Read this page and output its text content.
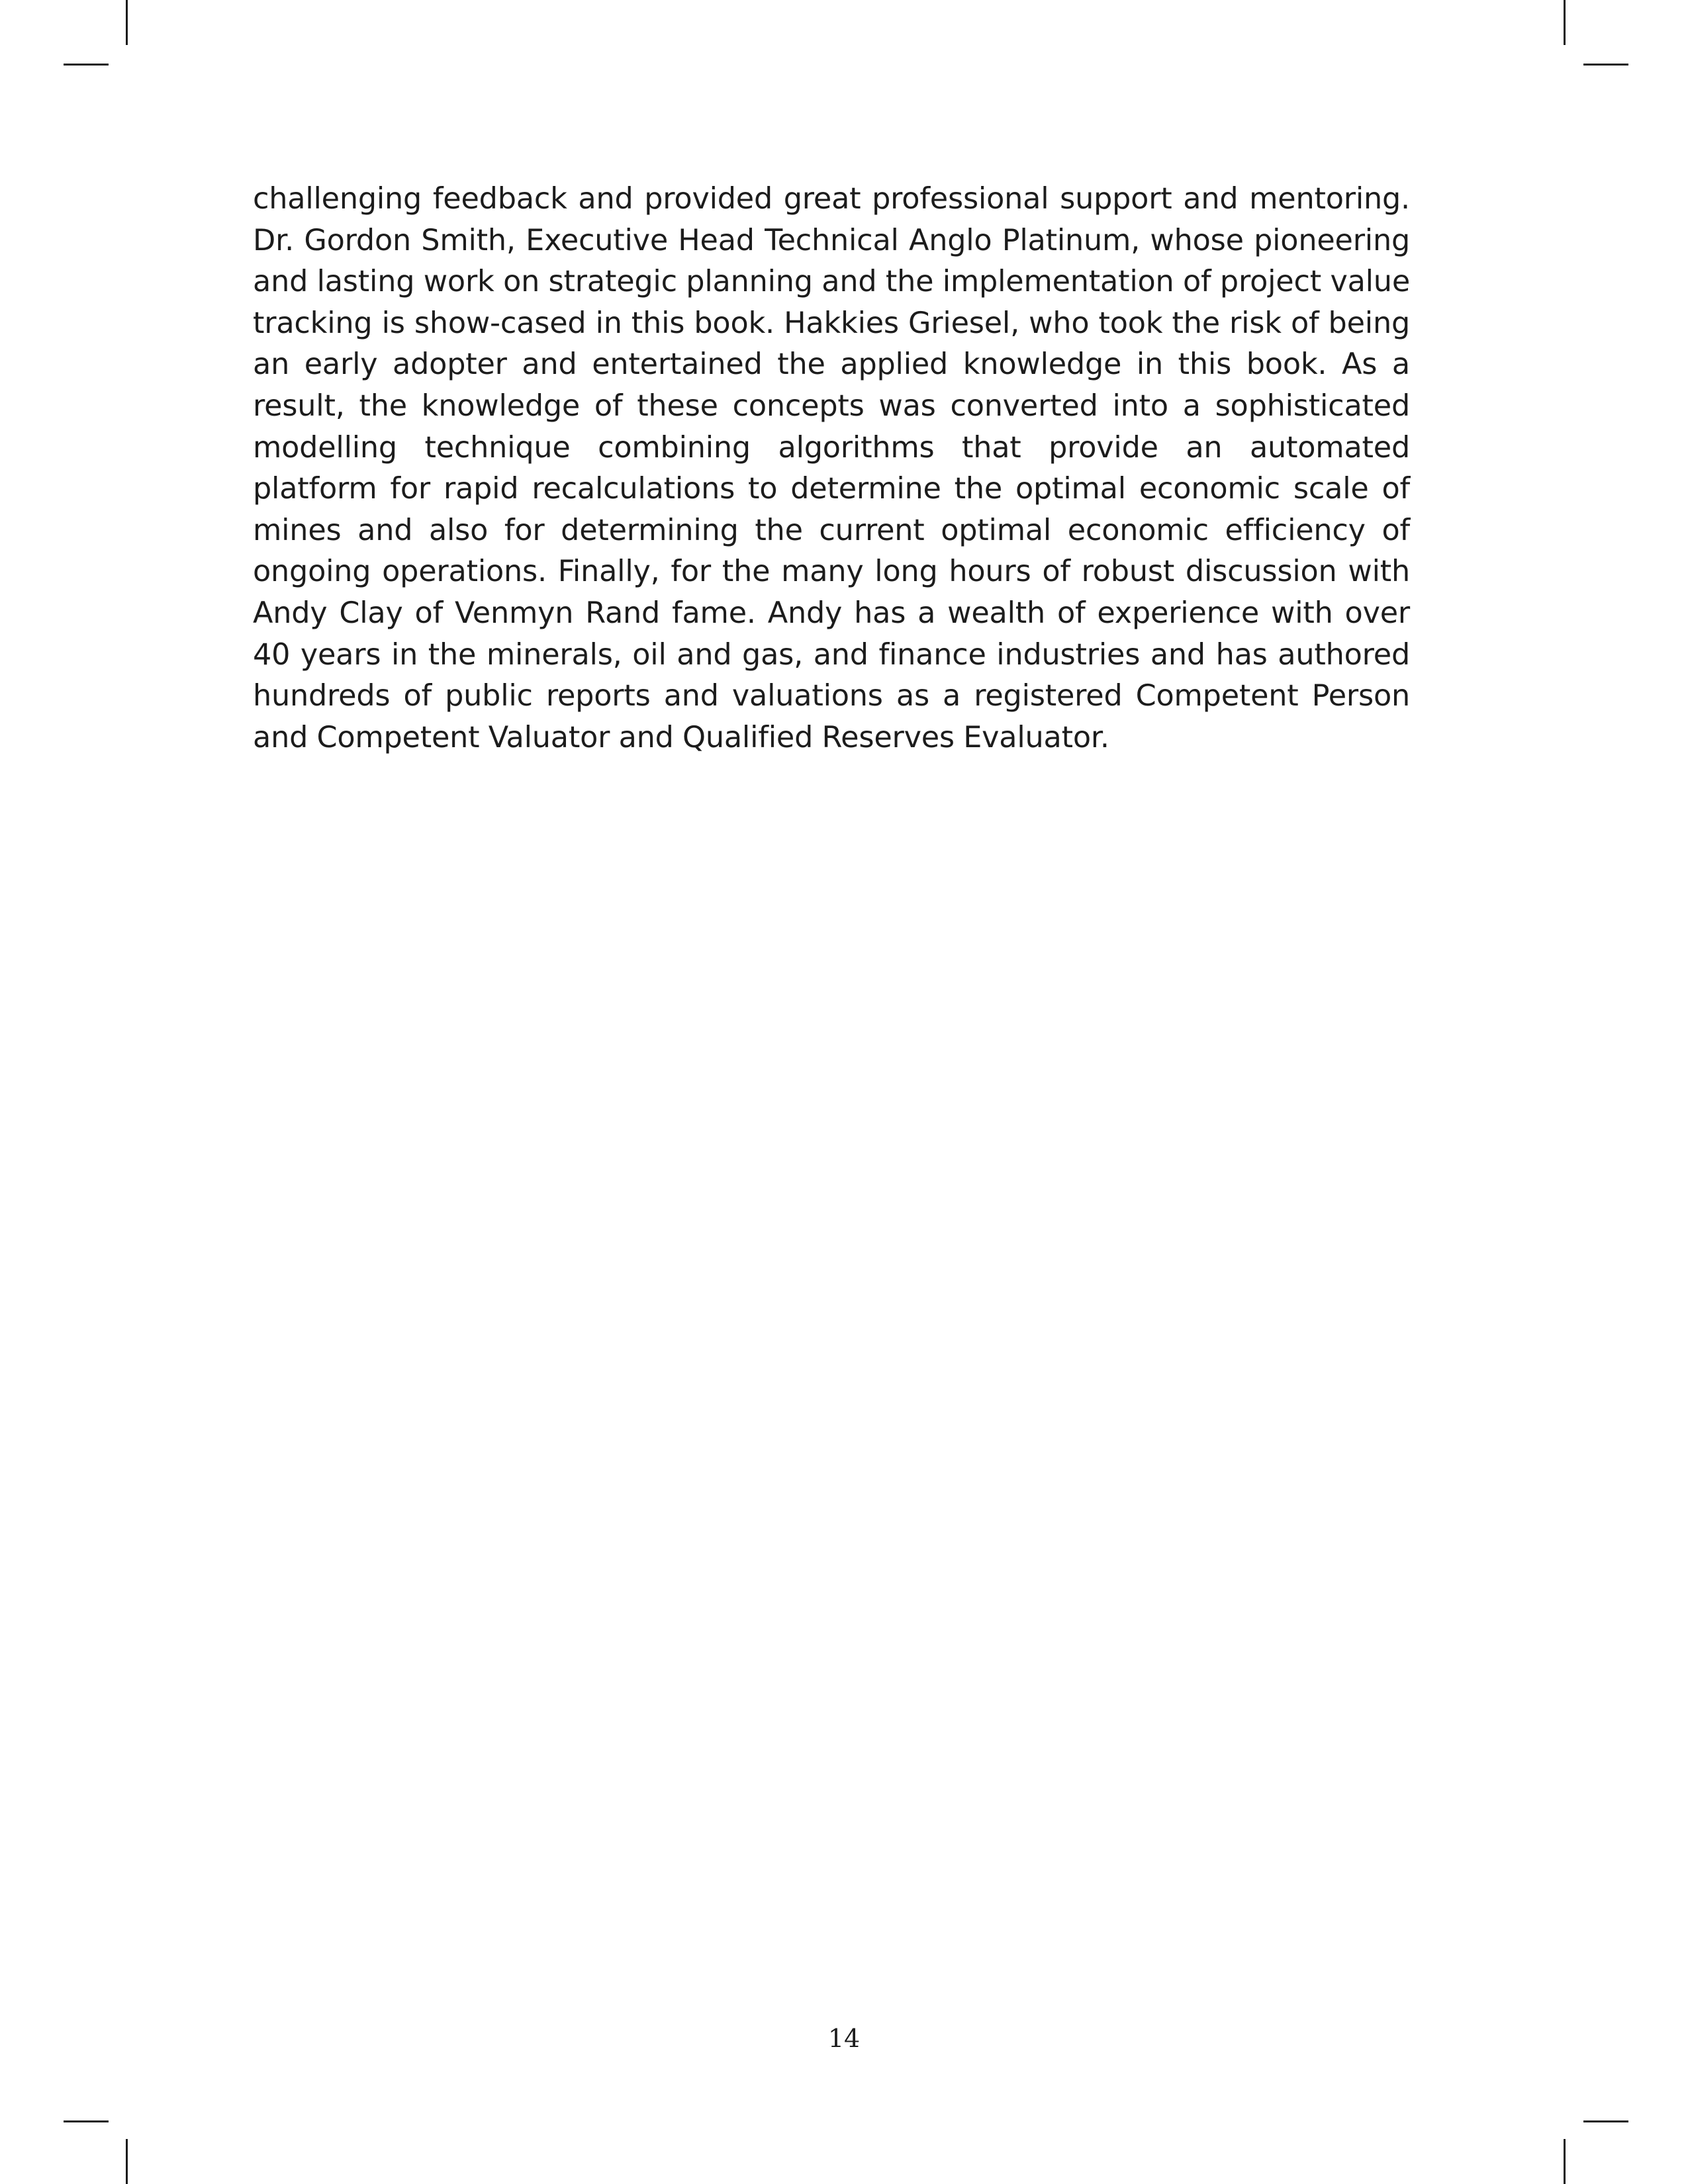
challenging feedback and provided great professional support and mentoring. Dr. Gordon Smith, Executive Head Technical Anglo Platinum, whose pioneering and lasting work on strategic planning and the implementation of project value tracking is show-cased in this book. Hakkies Griesel, who took the risk of being an early adopter and entertained the applied knowledge in this book. As a result, the knowledge of these concepts was converted into a sophisticated modelling technique combining algorithms that provide an automated platform for rapid recalculations to determine the optimal economic scale of mines and also for determining the current optimal economic efficiency of ongoing operations. Finally, for the many long hours of robust discussion with Andy Clay of Venmyn Rand fame. Andy has a wealth of experience with over 40 years in the minerals, oil and gas, and finance industries and has authored hundreds of public reports and valuations as a registered Competent Person and Competent Valuator and Qualified Reserves Evaluator.

14
